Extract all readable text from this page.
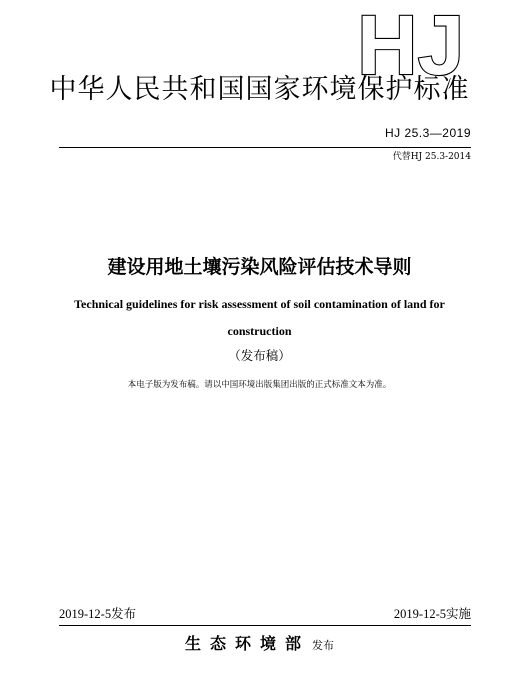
HJ
中华人民共和国国家环境保护标准
HJ 25.3—2019
代替HJ 25.3-2014
建设用地土壤污染风险评估技术导则
Technical guidelines for risk assessment of soil contamination of land for
construction
（发布稿）
本电子版为发布稿。请以中国环境出版集团出版的正式标准文本为准。
2019-12-5发布	2019-12-5实施
生态环境部 发布
